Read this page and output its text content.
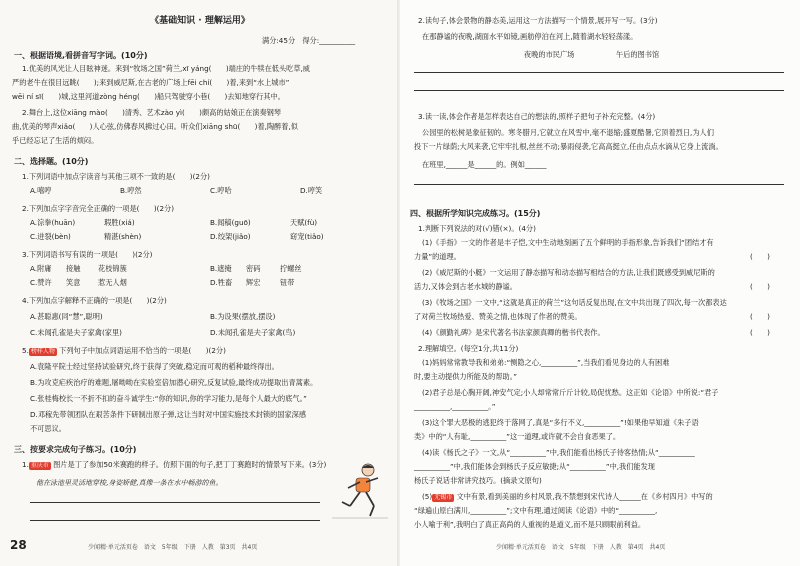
《基础知识 · 理解运用》
满分:45分　得分:__________
一、根据语境,看拼音写字词。(10分)
1.优美的风光让人目眩神迷。来到“牧场之国”荷兰,xī yáng(　　)端庄的牛犊在低头吃草,威
严的老牛在很目远眺(　　);来到威尼斯,在古老的广场上fēi chí(　　)着,来到“水上城市”
wēi ní sī(　　)城,这里河道zòng héng(　　)船只驾驶穿小巷(　　)去知地穿行其中。
2.舞台上,这位xiāng mào(　　)清秀、艺术zào yì(　　)颇高的姑娘正在演奏钢琴
曲,优美的琴声xiǎo(　　)人心弦,仿佛春风拂过心田。听众们xiāng shū(　　)着,陶醉着,似
乎已经忘记了生活的烦闷。
二、选择题。(10分)
1.下列词语中加点字读音与其他三项不一致的是(　　)(2分)
A.嘻哼	B.哼然	C.哼哈	D.哼笑
2.下列加点字字音完全正确的一项是(　　)(2分)
A.淙拳(huān)	瑕胜(xiá)	B.闻稿(guō)	天赋(fù)
C.迸裂(bèn)	精湛(shèn)	D.绞架(jiǎo)	窈宠(tiǎo)
3.下列词语书写有误的一项是(　　)(2分)
A.附庸 接触 花枝锦簇	B.遮掩 密码	拧螺丝
C.赞许 笑意 惹无人烟	D.牲畜 辉宏	钮带
4.下列加点字解释不正确的一项是(　　)(2分)
A.甚聪惠(同“慧”,聪明)	B.为设果(摆放,摆设)
C.未闻孔雀是夫子家禽(家里)	D.未闻孔雀是夫子家禽(鸟)
5. 榜样人物 下列句子中加点词语运用不恰当的一项是(　　)(2分)
A.袁隆平院士经过坚持试验研究,终于获得了突破,稳定而可观的稻种最终得出。
B.为攻克疟疾治疗的难题,屠呦呦在实验室倍加潜心研究,反复试验,最终成功提取出青蒿素。
C.张桂梅校长一不折不扣的奋斗诚学生:“你的知识,你的学习能力,是每个人最大的底气。”
D.邓稼先带领团队在艰苦条件下研制出原子弹,这让当时对中国实施技术封锁的国家深感
不可思议。
三、按要求完成句子练习。(10分)
1. 重庆市 图片是丁了参加50米赛跑的样子。仿照下面的句子,把丁丁赛跑时的情景写下来。(3分)
他在泳池里灵活地穿梭,身姿矫健,真像一条在水中畅游的鱼。
28	少闻精·单元活页卷　语文　5年级　下册　人教　第3页　共4页
2.读句子,体会景物的静态美,运用这一方法描写一个情景,展开写一写。(3分)
在那静谧的夜晚,湖面水平如镜,画舫停泊在河上,随着湖水轻轻荡漾。
夜晚的市民广场	午后的图书馆
3.读一读,体会作者是怎样表达自己的想法的,照样子把句子补充完整。(4分)
公园里的松树是象征韧的。寒冬腊月,它就立在风雪中,毫不退缩;盛夏酷暑,它顶着烈日,为人们
投下一片绿荫;大风来袭,它牢牢扎根,丝丝不动;暴雨侵袭,它高高挺立,任由点点水滴从它身上流淌。
在班里,______是______的。例如______
四、根据所学知识完成练习。(15分)
1.判断下列说法的对(√)错(×)。(4分)
(1)《手指》一文的作者是丰子恺,文中生动地刻画了五个鲜明的手指形象,告诉我们“团结才有
力量”的道理。	(　　)
(2)《威尼斯的小艇》一文运用了静态描写和动态描写相结合的方法,让我们既感受到威尼斯的
活力,又体会到古老水城的静谧。	(　　)
(3)《牧场之国》一文中,“这就是真正的荷兰”这句话反复出现,在文中共出现了四次,每一次都表达
了对荷兰牧场热爱、赞美之情,也体现了作者的赞美。	(　　)
(4)《颜勤礼碑》是宋代著名书法家颜真卿的楷书代表作。	(　　)
2.理解填空。(每空1分,共11分)
(1)妈妈常常教导我和弟弟:“恻隐之心,__________”,当我们看见身边的人有困难
时,要主动提供力所能及的帮助。”
(2)君子总是心胸开阔,神安气定;小人却常常斤斤计较,局促忧愁。这正如《论语》中所说:“君子
__________,__________。”
(3)这个罪大恶极的逃犯终于落网了,真是“多行不义,__________”!如果他早知道《朱子语
类》中的“人有耻,__________”这一道理,或许就不会自食恶果了。
(4)读《杨氏之子》一文,从“__________”中,我们能看出杨氏子待客热情;从“__________
__________”中,我们能体会到杨氏子反应敏捷;从“__________”中,我们能发现
杨氏子说话非常讲究技巧。(摘录文原句)
(5) 无锡市 文中有景,看到美丽的乡村风景,我不禁想到宋代诗人______在《乡村四月》中写的
“绿遍山原白满川,__________”;文中有理,通过阅读《论语》中的“__________,
小人喻于利”,我明白了真正高尚的人重视的是道义,而不是只顾眼前利益。
少闻精·单元活页卷　语文　5年级　下册　人教　第4页　共4页
